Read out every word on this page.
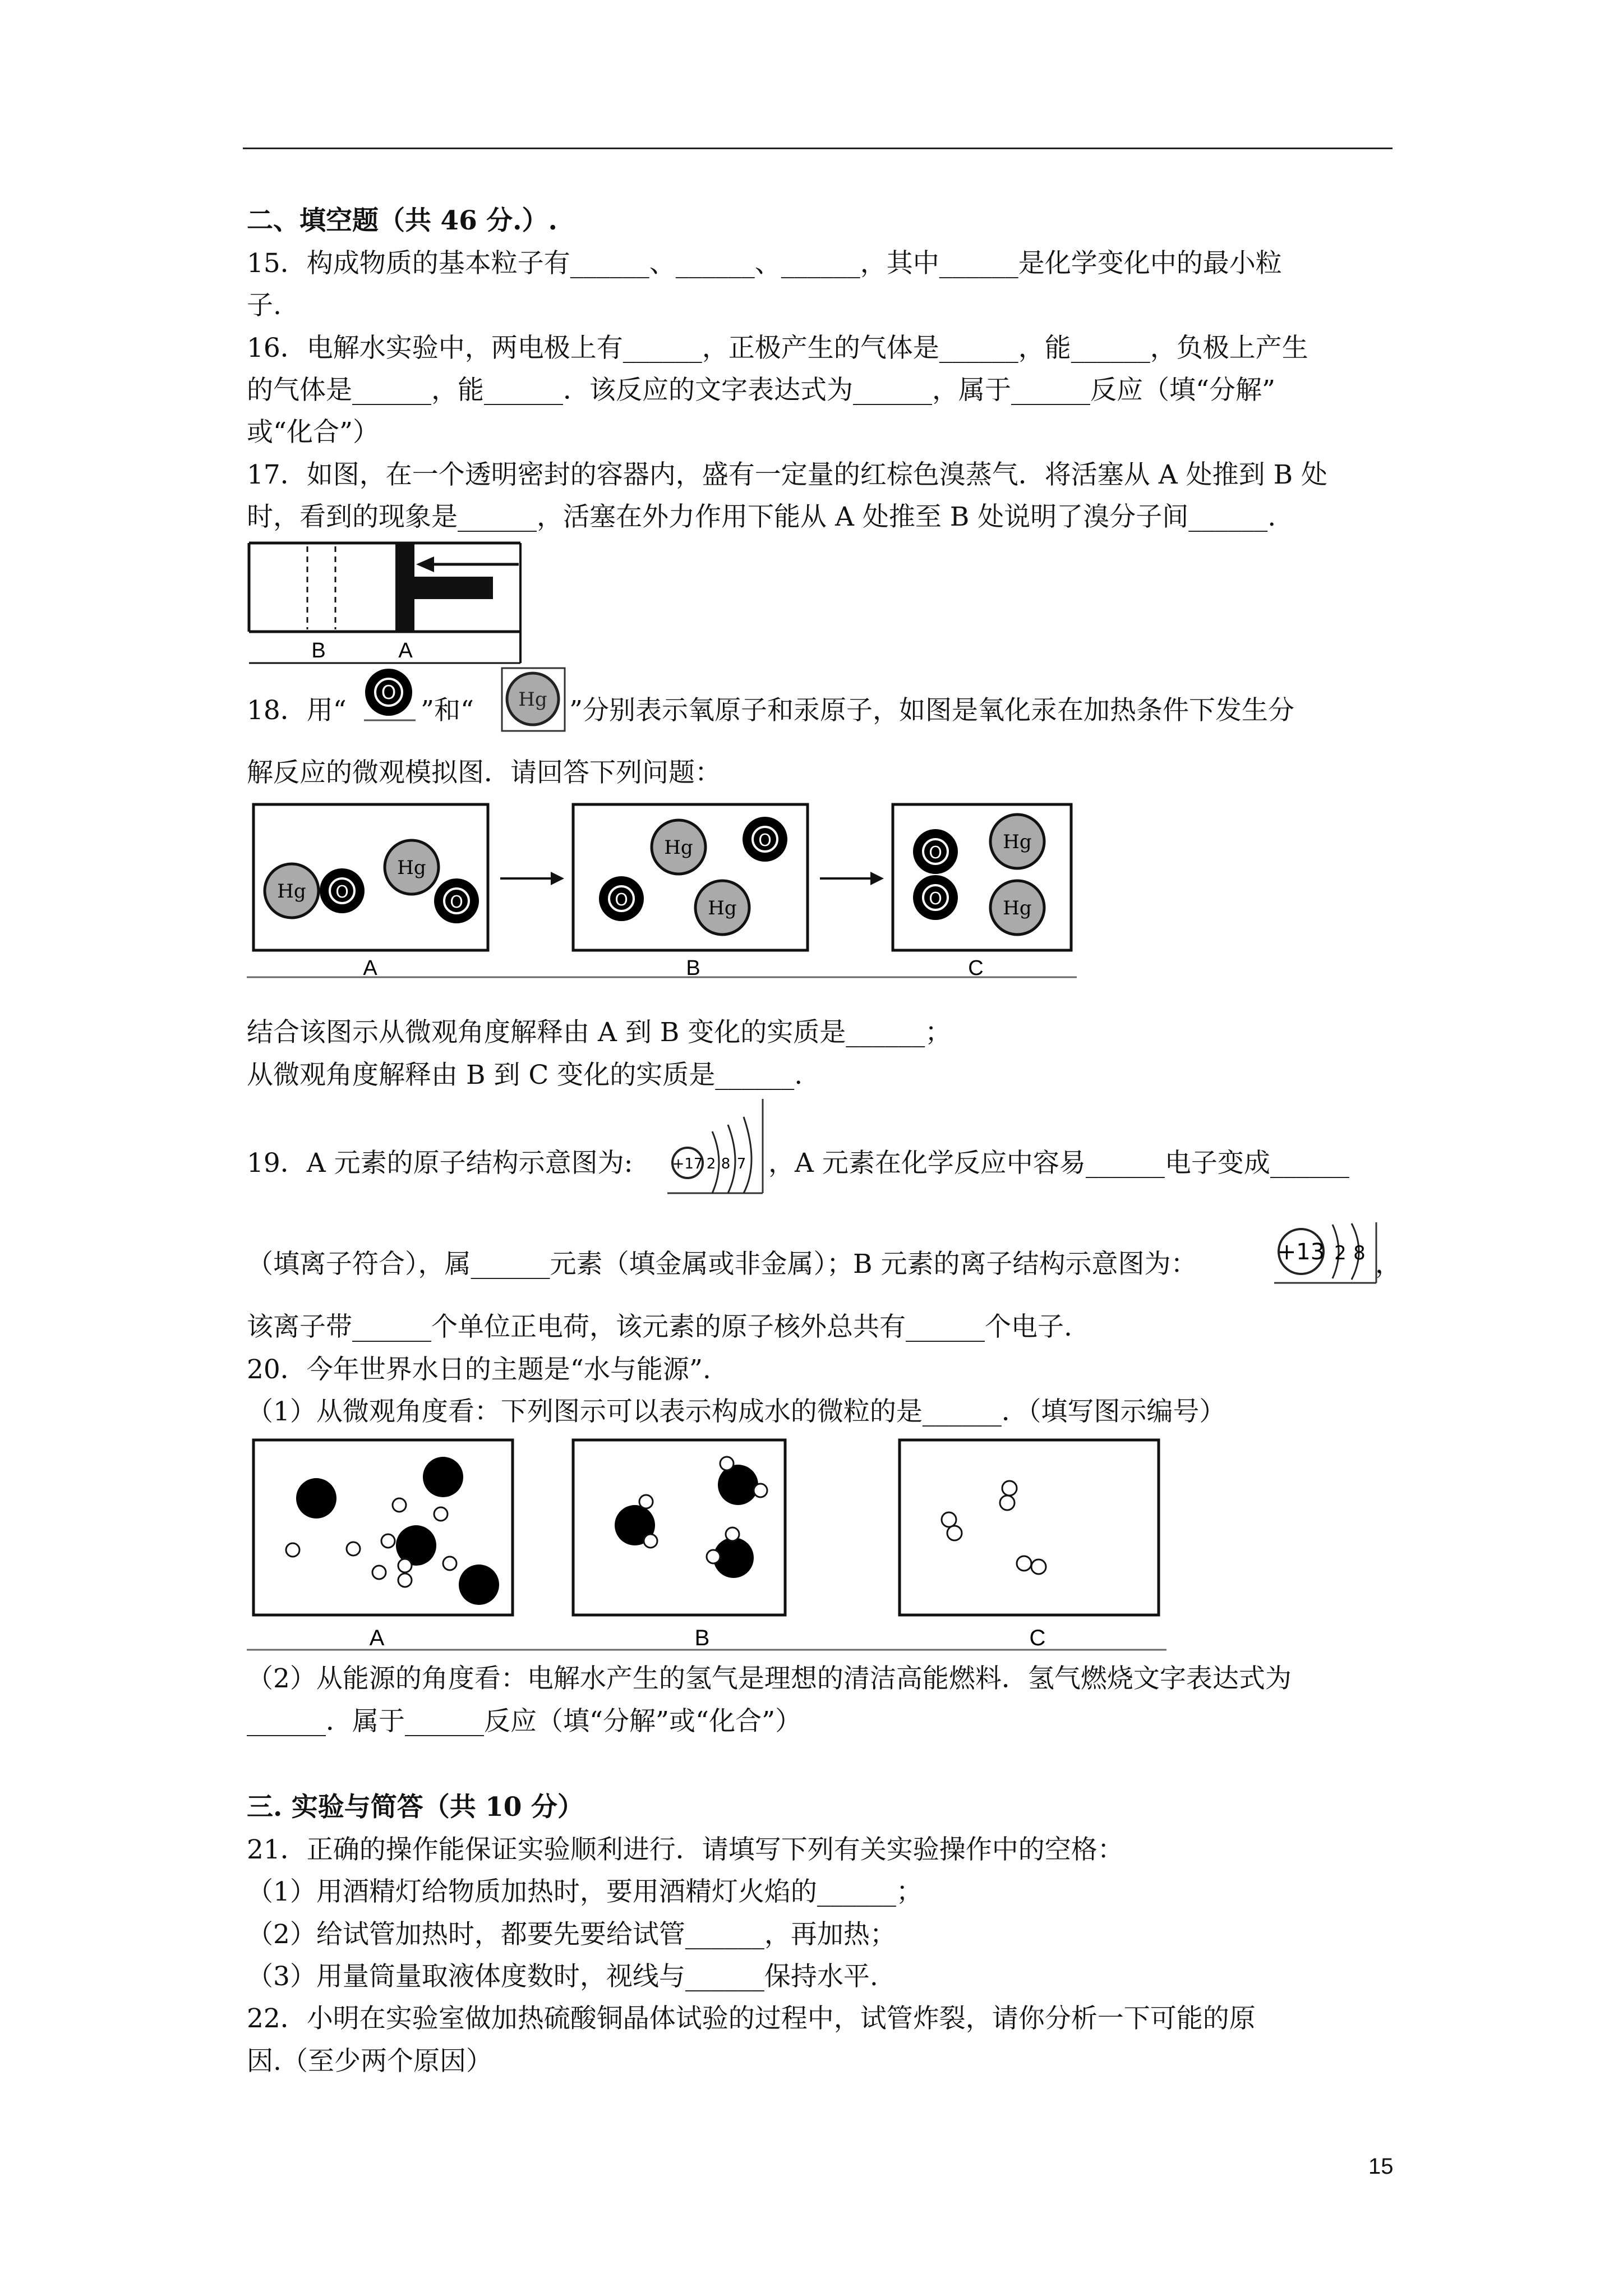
二、填空题（共 46 分.）.

15．构成物质的基本粒子有______、______、______，其中______是化学变化中的最小粒

子.

16．电解水实验中，两电极上有______，正极产生的气体是______，能______，负极上产生

的气体是______，能______．该反应的文字表达式为______，属于______反应（填“分解”

或“化合”）

17．如图，在一个透明密封的容器内，盛有一定量的红棕色溴蒸气．将活塞从 A 处推到 B 处

时，看到的现象是______，活塞在外力作用下能从 A 处推至 B 处说明了溴分子间______.

B	A

18．用“

O

”和“ Hg ”分别表示氧原子和汞原子，如图是氧化汞在加热条件下发生分

解反应的微观模拟图．请回答下列问题：

Hg O
Hg
O
Hg	O
O	Hg
O
O
Hg
Hg
A	B	C

结合该图示从微观角度解释由 A 到 B 变化的实质是______；

从微观角度解释由 B 到 C 变化的实质是______.

19．A 元素的原子结构示意图为:	+17 2 8 7 ，A 元素在化学反应中容易______电子变成______

（填离子符合），属______元素（填金属或非金属）；B 元素的离子结构示意图为：	+13 2 8 ，

该离子带______个单位正电荷，该元素的原子核外总共有______个电子.

20．今年世界水日的主题是“水与能源”.

（1）从微观角度看：下列图示可以表示构成水的微粒的是______．（填写图示编号）

A	B	C

（2）从能源的角度看：电解水产生的氢气是理想的清洁高能燃料．氢气燃烧文字表达式为

______．属于______反应（填“分解”或“化合”）

三. 实验与简答（共 10 分）

21．正确的操作能保证实验顺利进行．请填写下列有关实验操作中的空格：

（1）用酒精灯给物质加热时，要用酒精灯火焰的______；

（2）给试管加热时，都要先要给试管______，再加热；

（3）用量筒量取液体度数时，视线与______保持水平.

22．小明在实验室做加热硫酸铜晶体试验的过程中，试管炸裂，请你分析一下可能的原

因.（至少两个原因）

15
